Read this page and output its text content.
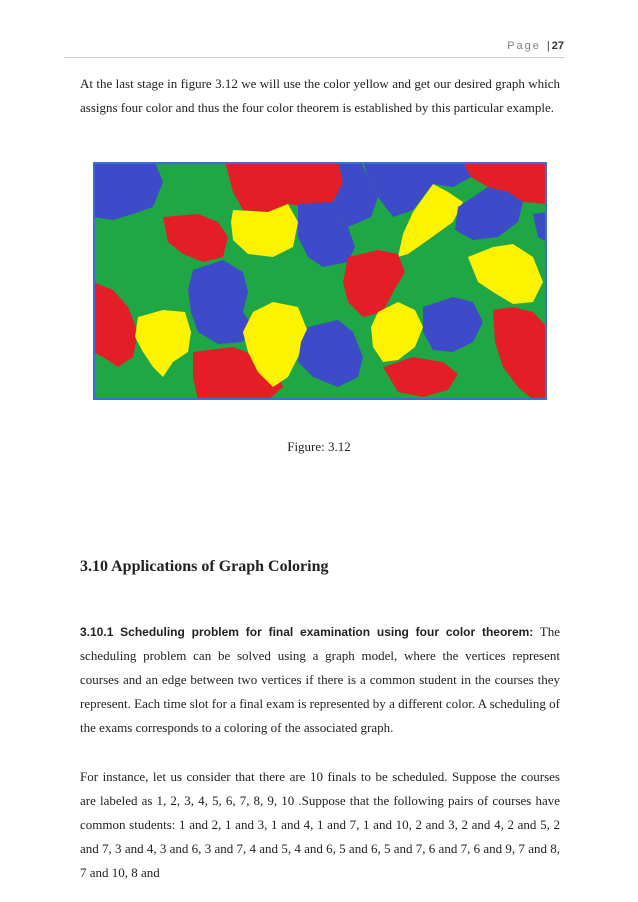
Page | 27

At the last stage in figure 3.12 we will use the color yellow and get our desired graph which assigns four color and thus the four color theorem is established by this particular example.

Figure: 3.12
3.10 Applications of Graph Coloring

3.10.1 Scheduling problem for final examination using four color theorem: The scheduling problem can be solved using a graph model, where the vertices represent courses and an edge between two vertices if there is a common student in the courses they represent. Each time slot for a final exam is represented by a different color. A scheduling of the exams corresponds to a coloring of the associated graph.

For instance, let us consider that there are 10 finals to be scheduled. Suppose the courses are labeled as 1, 2, 3, 4, 5, 6, 7, 8, 9, 10 .Suppose that the following pairs of courses have common students: 1 and 2, 1 and 3, 1 and 4, 1 and 7, 1 and 10, 2 and 3, 2 and 4, 2 and 5, 2 and 7, 3 and 4, 3 and 6, 3 and 7, 4 and 5, 4 and 6, 5 and 6, 5 and 7, 6 and 7, 6 and 9, 7 and 8, 7 and 10, 8 and
